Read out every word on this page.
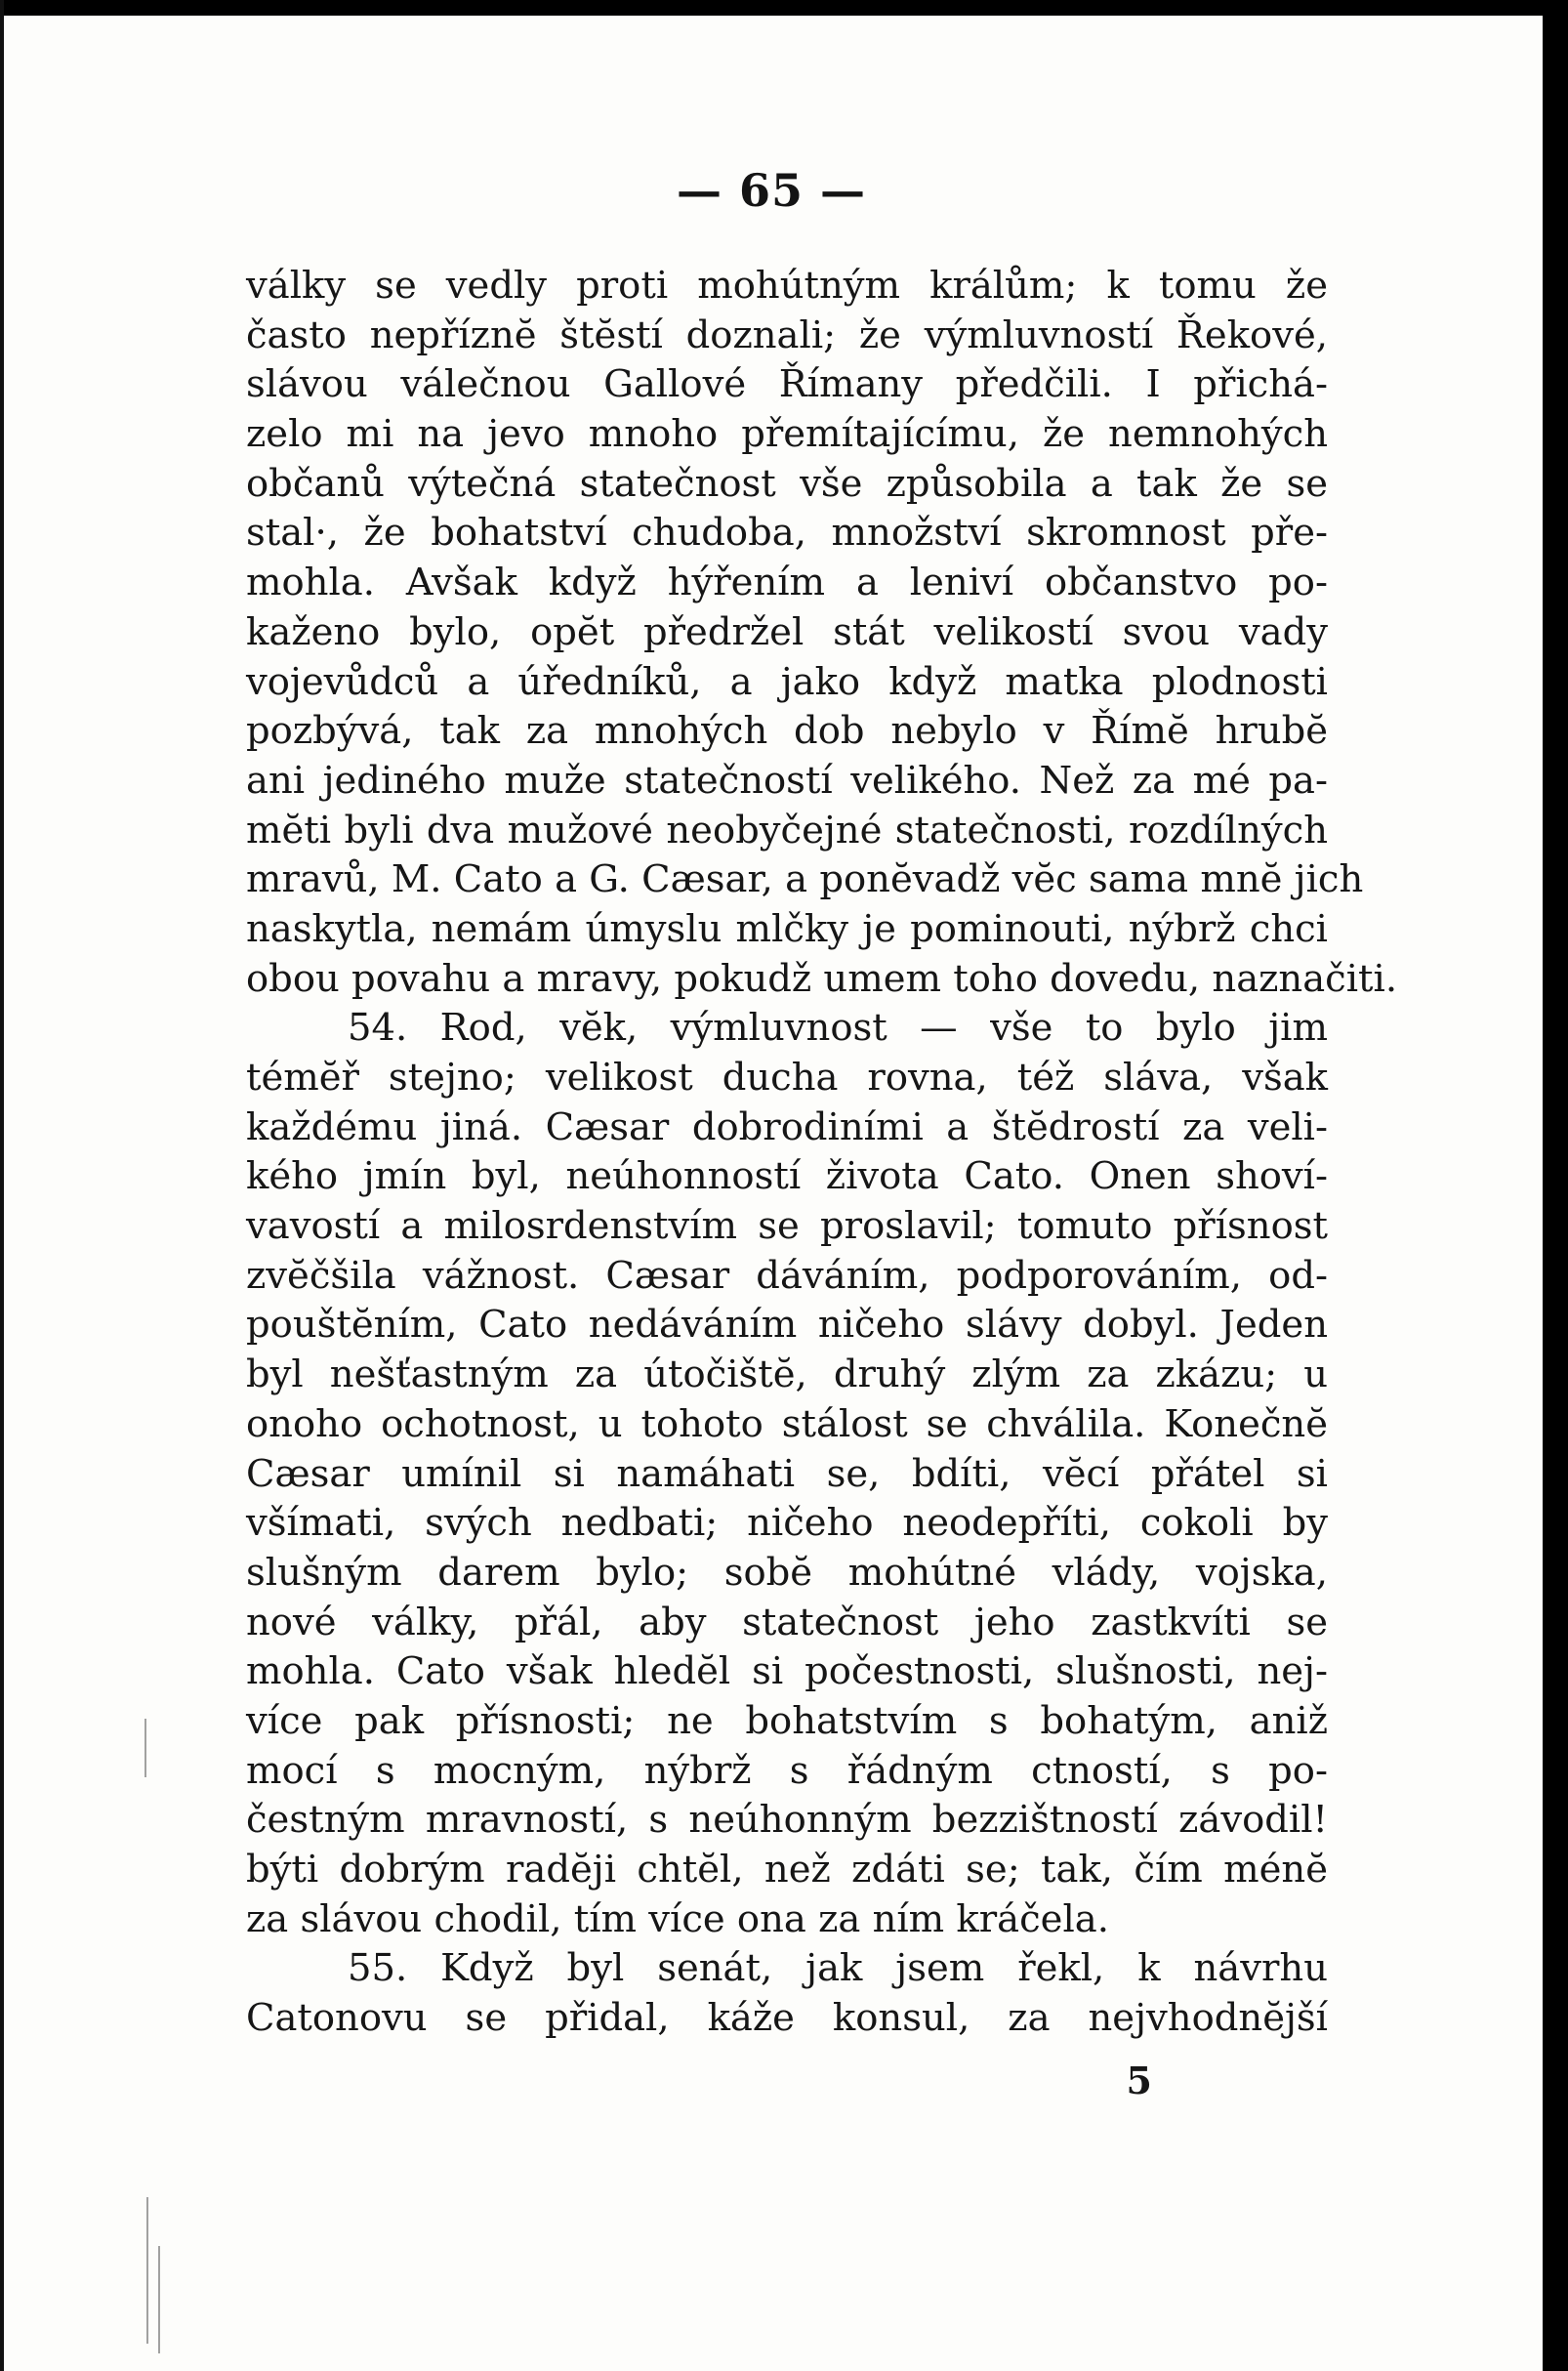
— 65 —
války se vedly proti mohútným králům; k tomu že
často nepříznĕ štĕstí doznali; že výmluvností Řekové,
slávou válečnou Gallové Římany předčili. I přichá-
zelo mi na jevo mnoho přemítajícímu, že nemnohých
občanů výtečná statečnost vše způsobila a tak že se
stal·, že bohatství chudoba, množství skromnost pře-
mohla. Avšak když hýřením a leniví občanstvo po-
kaženo bylo, opĕt předržel stát velikostí svou vady
vojevůdců a úředníků, a jako když matka plodnosti
pozbývá, tak za mnohých dob nebylo v Římĕ hrubĕ
ani jediného muže statečností velikého. Než za mé pa-
mĕti byli dva mužové neobyčejné statečnosti, rozdílných
mravů, M. Cato a G. Cæsar, a ponĕvadž vĕc sama mnĕ jich
naskytla, nemám úmyslu mlčky je pominouti, nýbrž chci
obou povahu a mravy, pokudž umem toho dovedu, naznačiti.
54. Rod, vĕk, výmluvnost — vše to bylo jim
témĕř stejno; velikost ducha rovna, též sláva, však
každému jiná. Cæsar dobrodiními a štĕdrostí za veli-
kého jmín byl, neúhonností života Cato. Onen shoví-
vavostí a milosrdenstvím se proslavil; tomuto přísnost
zvĕčšila vážnost. Cæsar dáváním, podporováním, od-
pouštĕním, Cato nedáváním ničeho slávy dobyl. Jeden
byl nešťastným za útočištĕ, druhý zlým za zkázu; u
onoho ochotnost, u tohoto stálost se chválila. Konečnĕ
Cæsar umínil si namáhati se, bdíti, vĕcí přátel si
všímati, svých nedbati; ničeho neodepříti, cokoli by
slušným darem bylo; sobĕ mohútné vlády, vojska,
nové války, přál, aby statečnost jeho zastkvíti se
mohla. Cato však hledĕl si počestnosti, slušnosti, nej-
více pak přísnosti; ne bohatstvím s bohatým, aniž
mocí s mocným, nýbrž s řádným ctností, s po-
čestným mravností, s neúhonným bezzištností závodil!
býti dobrým radĕji chtĕl, než zdáti se; tak, čím ménĕ
za slávou chodil, tím více ona za ním kráčela.
55. Když byl senát, jak jsem řekl, k návrhu
Catonovu se přidal, káže konsul, za nejvhodnĕjší
5
